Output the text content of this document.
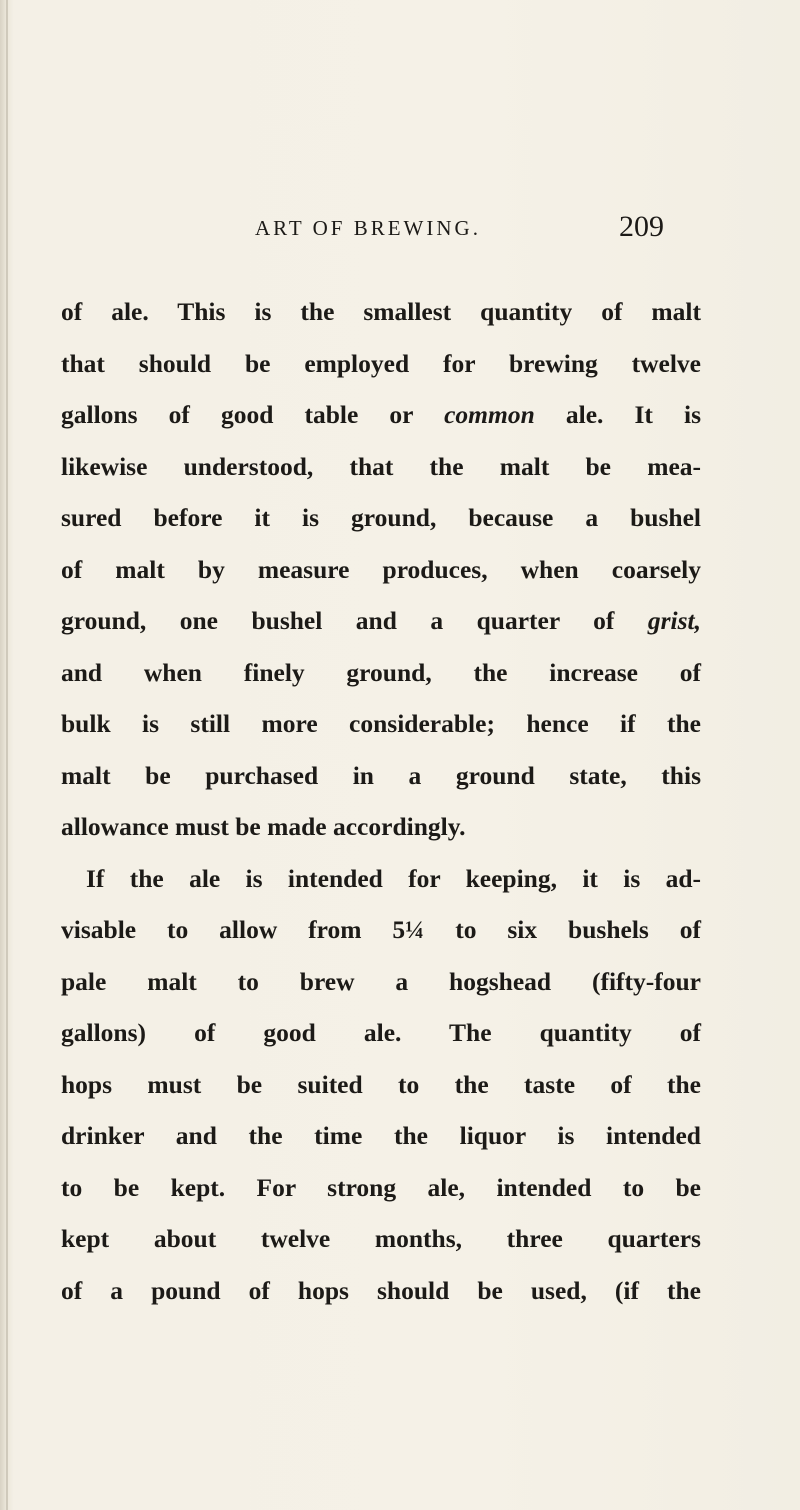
ART OF BREWING.	209
of ale. This is the smallest quantity of malt
that should be employed for brewing twelve
gallons of good table or common ale. It is
likewise understood, that the malt be mea-
sured before it is ground, because a bushel
of malt by measure produces, when coarsely
ground, one bushel and a quarter of grist,
and when finely ground, the increase of
bulk is still more considerable; hence if the
malt be purchased in a ground state, this
allowance must be made accordingly.
If the ale is intended for keeping, it is ad-
visable to allow from 5¼ to six bushels of
pale malt to brew a hogshead (fifty-four
gallons) of good ale. The quantity of
hops must be suited to the taste of the
drinker and the time the liquor is intended
to be kept. For strong ale, intended to be
kept about twelve months, three quarters
of a pound of hops should be used, (if the
